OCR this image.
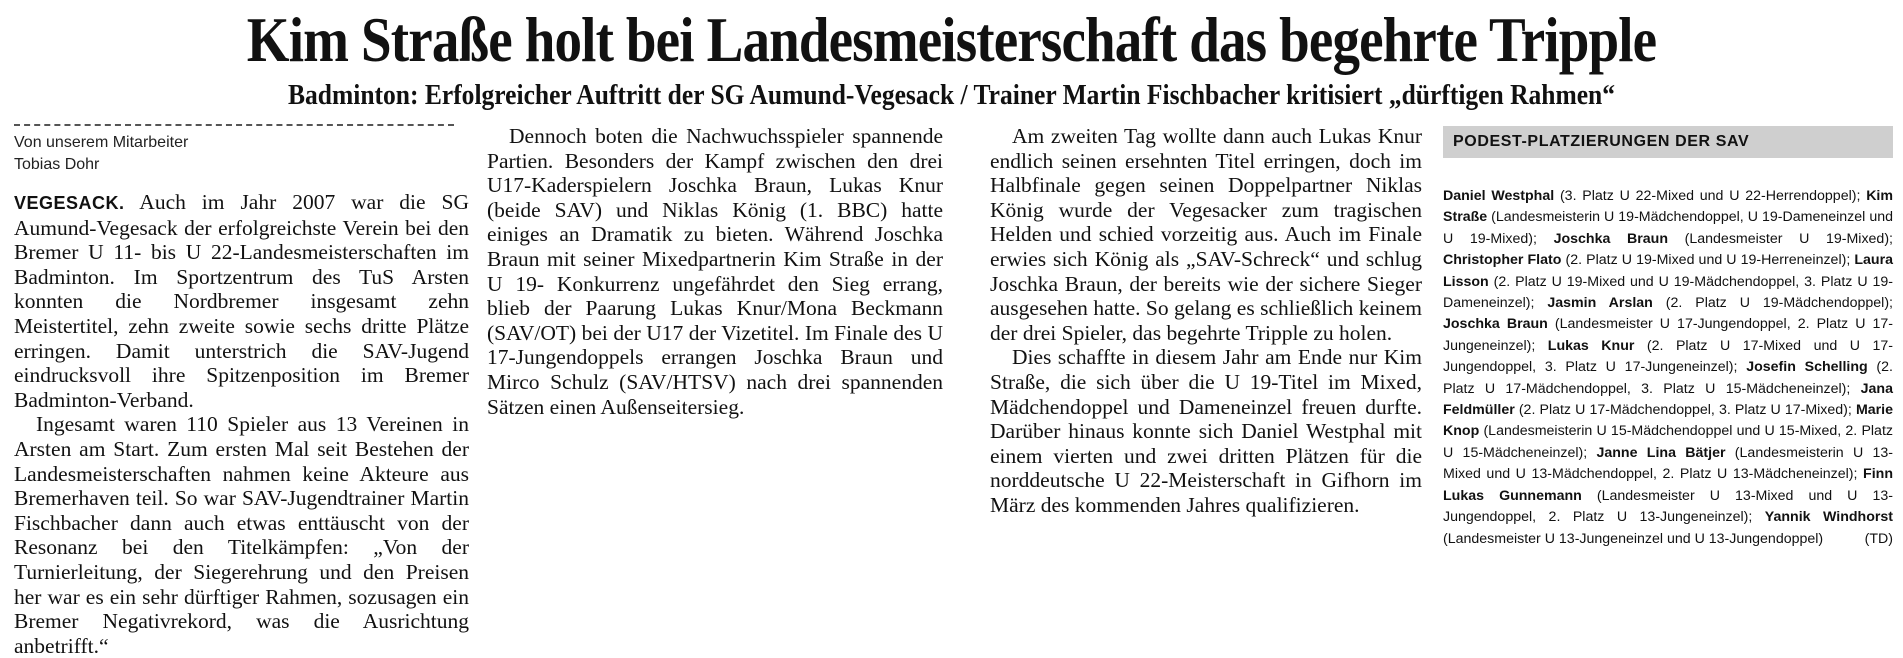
Kim Straße holt bei Landesmeisterschaft das begehrte Tripple
Badminton: Erfolgreicher Auftritt der SG Aumund-Vegesack / Trainer Martin Fischbacher kritisiert „dürftigen Rahmen“
Von unserem Mitarbeiter
Tobias Dohr

VEGESACK. Auch im Jahr 2007 war die SG Aumund-Vegesack der erfolgreichste Verein bei den Bremer U 11- bis U 22-Landesmeisterschaften im Badminton. Im Sportzentrum des TuS Arsten konnten die Nordbremer insgesamt zehn Meistertitel, zehn zweite sowie sechs dritte Plätze erringen. Damit unterstrich die SAV-Jugend eindrucksvoll ihre Spitzenposition im Bremer Badminton-Verband.

Ingesamt waren 110 Spieler aus 13 Vereinen in Arsten am Start. Zum ersten Mal seit Bestehen der Landesmeisterschaften nahmen keine Akteure aus Bremerhaven teil. So war SAV-Jugendtrainer Martin Fischbacher dann auch etwas enttäuscht von der Resonanz bei den Titelkämpfen: „Von der Turnierleitung, der Siegerehrung und den Preisen her war es ein sehr dürftiger Rahmen, sozusagen ein Bremer Negativrekord, was die Ausrichtung anbetrifft.“

Dennoch boten die Nachwuchsspieler spannende Partien. Besonders der Kampf zwischen den drei U17-Kaderspielern Joschka Braun, Lukas Knur (beide SAV) und Niklas König (1. BBC) hatte einiges an Dramatik zu bieten. Während Joschka Braun mit seiner Mixedpartnerin Kim Straße in der U 19- Konkurrenz ungefährdet den Sieg errang, blieb der Paarung Lukas Knur/Mona Beckmann (SAV/OT) bei der U17 der Vizetitel. Im Finale des U 17-Jungendoppels errangen Joschka Braun und Mirco Schulz (SAV/HTSV) nach drei spannenden Sätzen einen Außenseitersieg.

Am zweiten Tag wollte dann auch Lukas Knur endlich seinen ersehnten Titel erringen, doch im Halbfinale gegen seinen Doppelpartner Niklas König wurde der Vegesacker zum tragischen Helden und schied vorzeitig aus. Auch im Finale erwies sich König als „SAV-Schreck“ und schlug Joschka Braun, der bereits wie der sichere Sieger ausgesehen hatte. So gelang es schließlich keinem der drei Spieler, das begehrte Tripple zu holen.

Dies schaffte in diesem Jahr am Ende nur Kim Straße, die sich über die U 19-Titel im Mixed, Mädchendoppel und Dameneinzel freuen durfte. Darüber hinaus konnte sich Daniel Westphal mit einem vierten und zwei dritten Plätzen für die norddeutsche U 22-Meisterschaft in Gifhorn im März des kommenden Jahres qualifizieren.

PODEST-PLATZIERUNGEN DER SAV
Daniel Westphal (3. Platz U 22-Mixed und U 22-Herrendoppel); Kim Straße (Landesmeisterin U 19-Mädchendoppel, U 19-Dameneinzel und U 19-Mixed); Joschka Braun (Landesmeister U 19-Mixed); Christopher Flato (2. Platz U 19-Mixed und U 19-Herreneinzel); Laura Lisson (2. Platz U 19-Mixed und U 19-Mädchendoppel, 3. Platz U 19-Dameneinzel); Jasmin Arslan (2. Platz U 19-Mädchendoppel); Joschka Braun (Landesmeister U 17-Jungendoppel, 2. Platz U 17-Jungeneinzel); Lukas Knur (2. Platz U 17-Mixed und U 17-Jungendoppel, 3. Platz U 17-Jungeneinzel); Josefin Schelling (2. Platz U 17-Mädchendoppel, 3. Platz U 15-Mädcheneinzel); Jana Feldmüller (2. Platz U 17-Mädchendoppel, 3. Platz U 17-Mixed); Marie Knop (Landesmeisterin U 15-Mädchendoppel und U 15-Mixed, 2. Platz U 15-Mädcheneinzel); Janne Lina Bätjer (Landesmeisterin U 13-Mixed und U 13-Mädchendoppel, 2. Platz U 13-Mädcheneinzel); Finn Lukas Gunnemann (Landesmeister U 13-Mixed und U 13-Jungendoppel, 2. Platz U 13-Jungeneinzel); Yannik Windhorst (Landesmeister U 13-Jungeneinzel und U 13-Jungendoppel)	(TD)
